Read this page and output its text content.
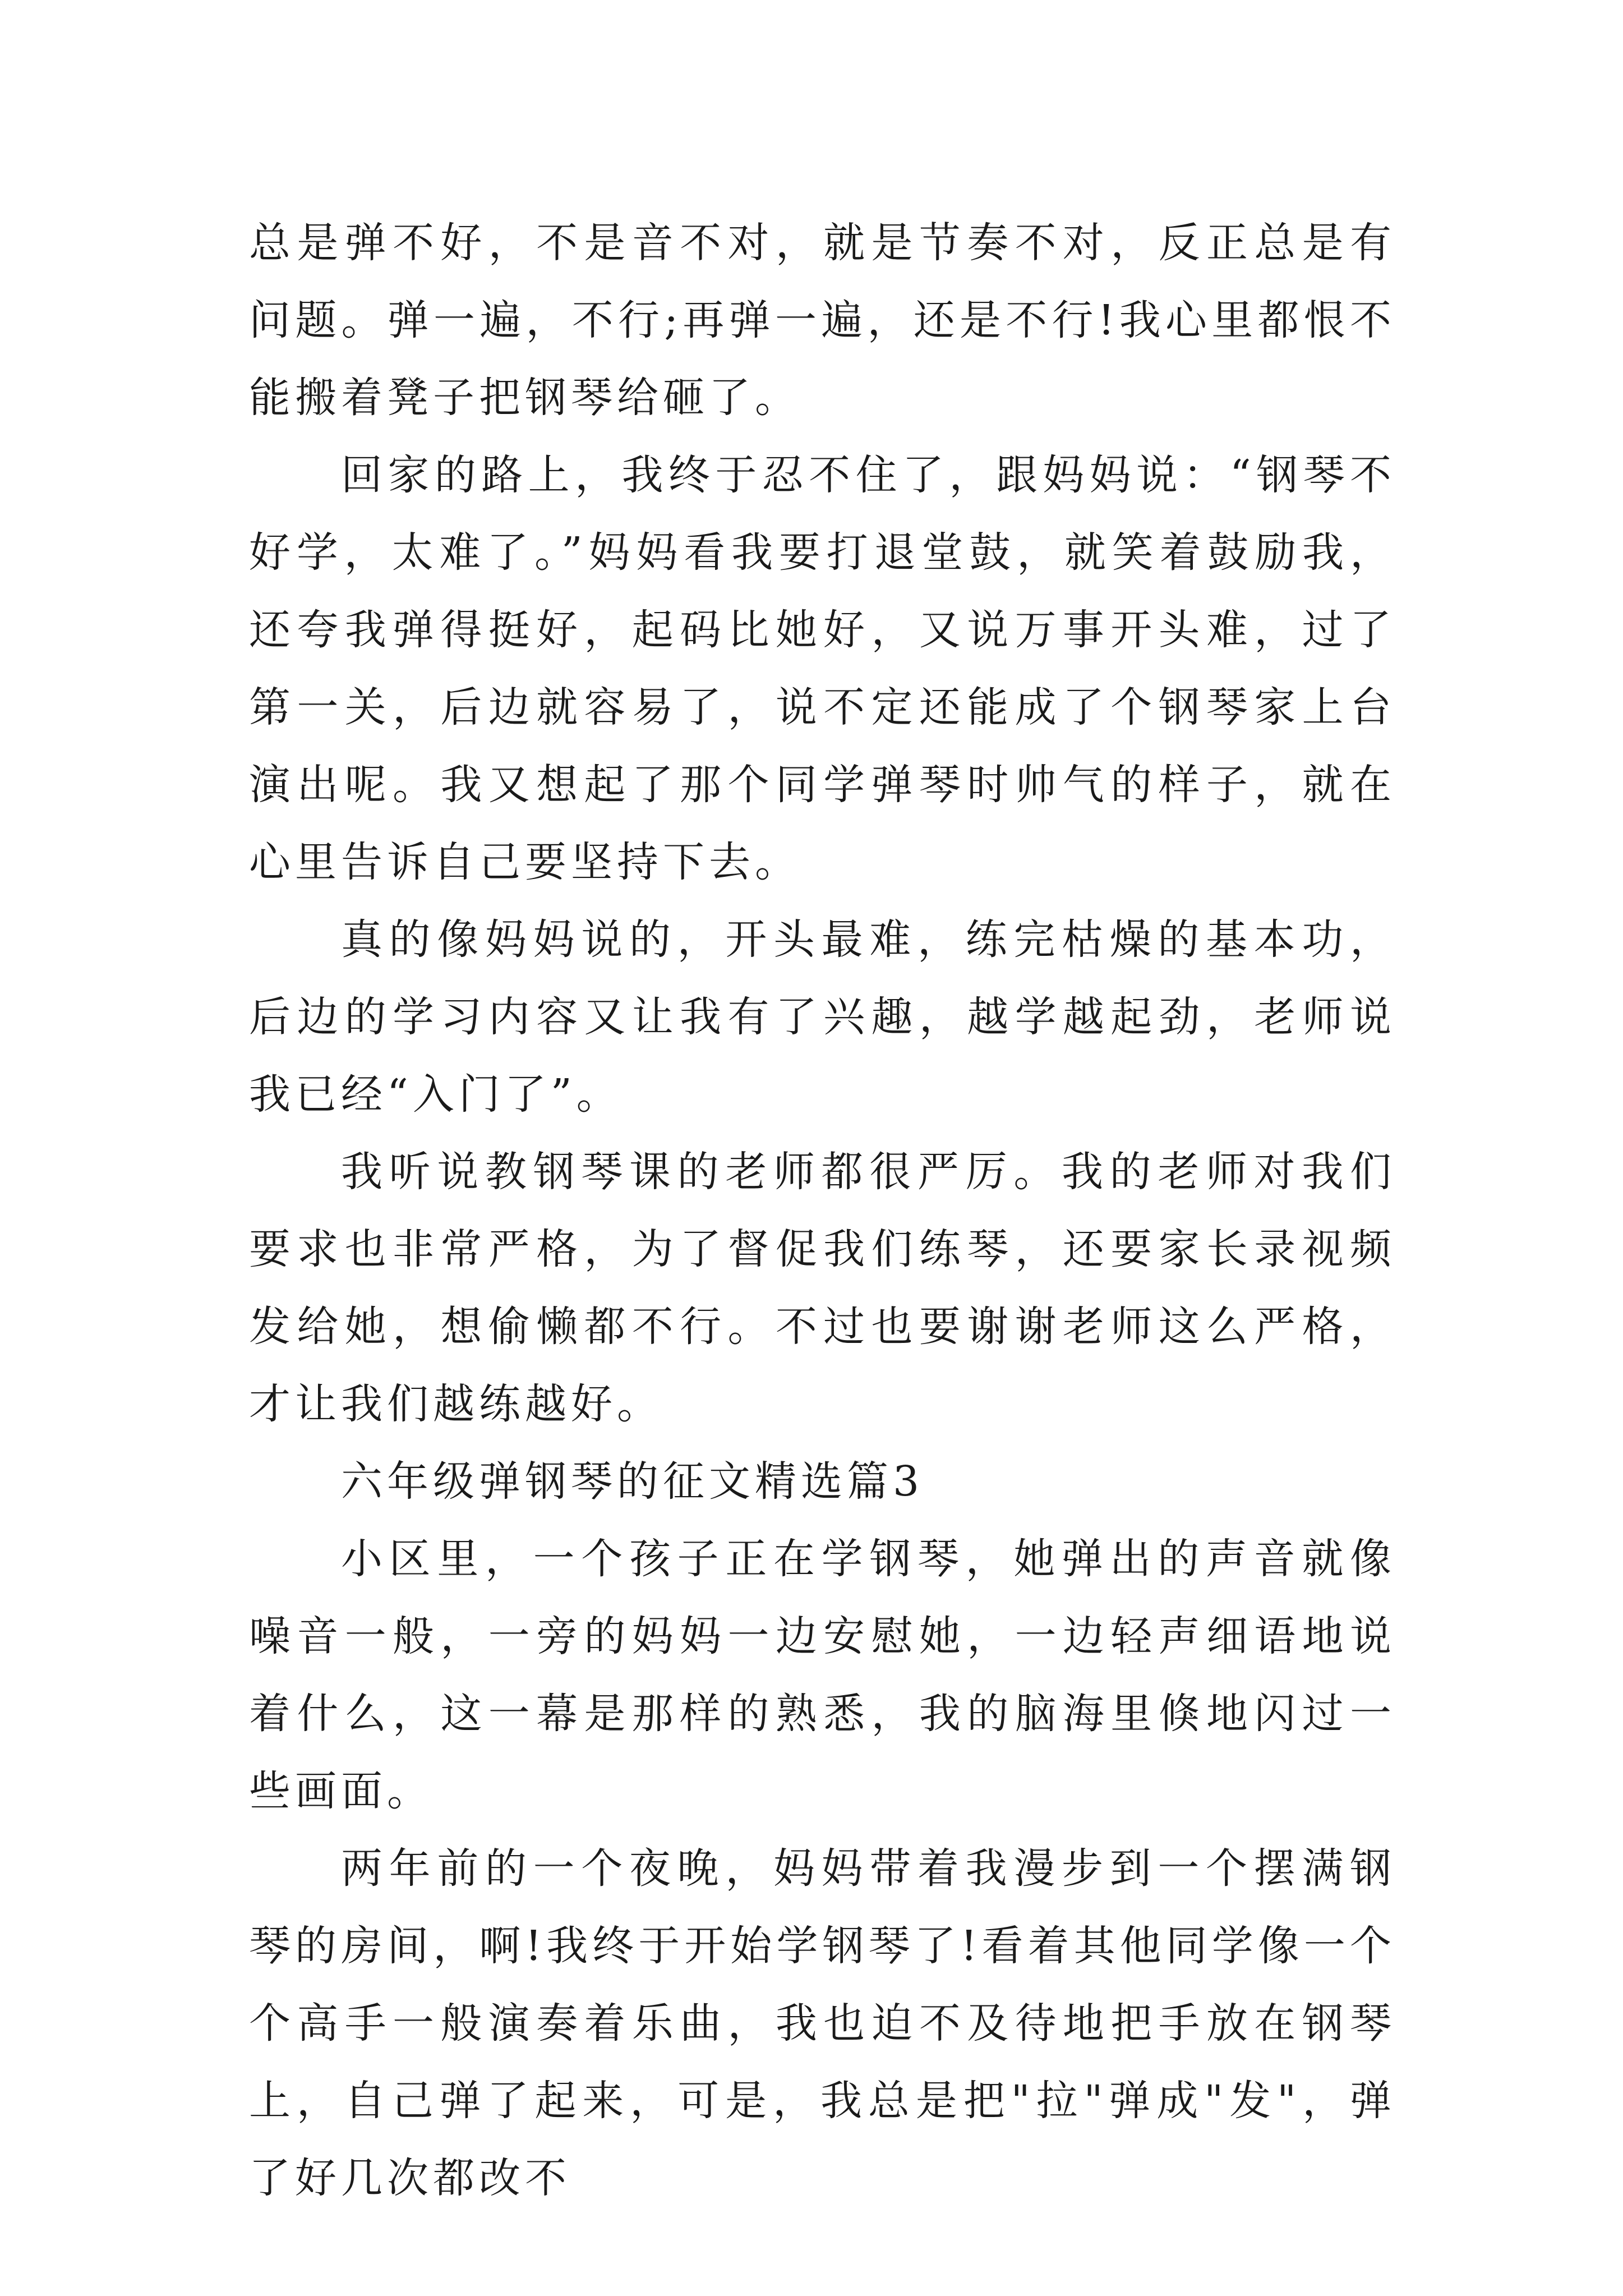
总是弹不好，不是音不对，就是节奏不对，反正总是有问题。弹一遍，不行;再弹一遍，还是不行!我心里都恨不能搬着凳子把钢琴给砸了。

回家的路上，我终于忍不住了，跟妈妈说：“钢琴不好学，太难了。”妈妈看我要打退堂鼓，就笑着鼓励我，还夸我弹得挺好，起码比她好，又说万事开头难，过了第一关，后边就容易了，说不定还能成了个钢琴家上台演出呢。我又想起了那个同学弹琴时帅气的样子，就在心里告诉自己要坚持下去。

真的像妈妈说的，开头最难，练完枯燥的基本功，后边的学习内容又让我有了兴趣，越学越起劲，老师说我已经“入门了”。

我听说教钢琴课的老师都很严厉。我的老师对我们要求也非常严格，为了督促我们练琴，还要家长录视频发给她，想偷懒都不行。不过也要谢谢老师这么严格，才让我们越练越好。

六年级弹钢琴的征文精选篇3

小区里，一个孩子正在学钢琴，她弹出的声音就像噪音一般，一旁的妈妈一边安慰她，一边轻声细语地说着什么，这一幕是那样的熟悉，我的脑海里倏地闪过一些画面。

两年前的一个夜晚，妈妈带着我漫步到一个摆满钢琴的房间，啊!我终于开始学钢琴了!看着其他同学像一个个高手一般演奏着乐曲，我也迫不及待地把手放在钢琴上，自己弹了起来，可是，我总是把"拉"弹成"发"，弹了好几次都改不
